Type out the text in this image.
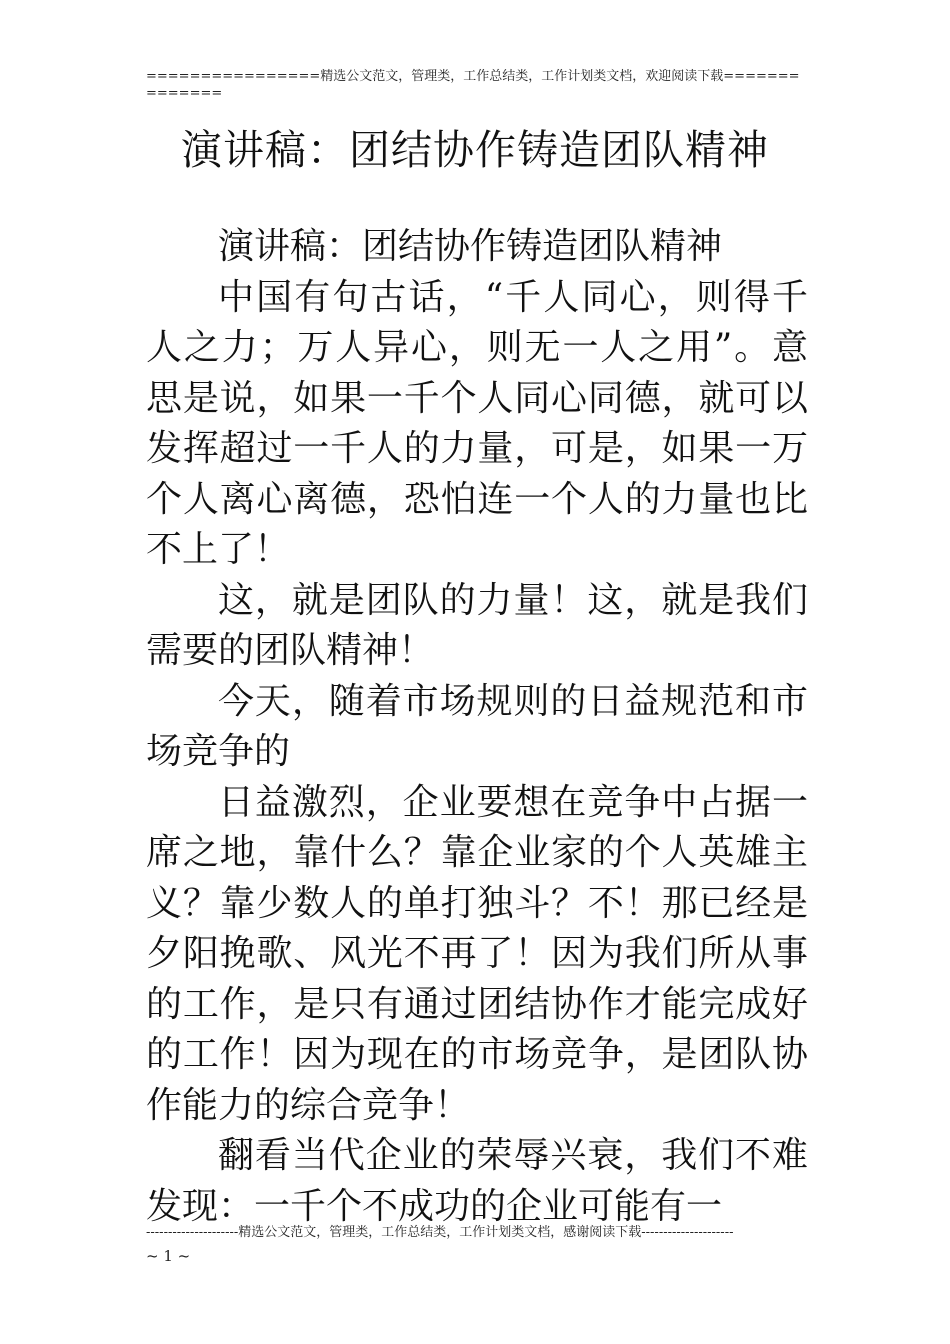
================精选公文范文，管理类，工作总结类，工作计划类文档，欢迎阅读下载==============
演讲稿：团结协作铸造团队精神

演讲稿：团结协作铸造团队精神

中国有句古话，“千人同心，则得千人之力；万人异心，则无一人之用”。意思是说，如果一千个人同心同德，就可以发挥超过一千人的力量，可是，如果一万个人离心离德，恐怕连一个人的力量也比不上了！

这，就是团队的力量！这，就是我们需要的团队精神！

今天，随着市场规则的日益规范和市场竞争的

日益激烈，企业要想在竞争中占据一席之地，靠什么？靠企业家的个人英雄主义？靠少数人的单打独斗？不！那已经是夕阳挽歌、风光不再了！因为我们所从事的工作，是只有通过团结协作才能完成好的工作！因为现在的市场竞争，是团队协作能力的综合竞争！

翻看当代企业的荣辱兴衰，我们不难发现：一千个不成功的企业可能有一

---------------------精选公文范文，管理类，工作总结类，工作计划类文档，感谢阅读下载---------------------
~ 1 ~
